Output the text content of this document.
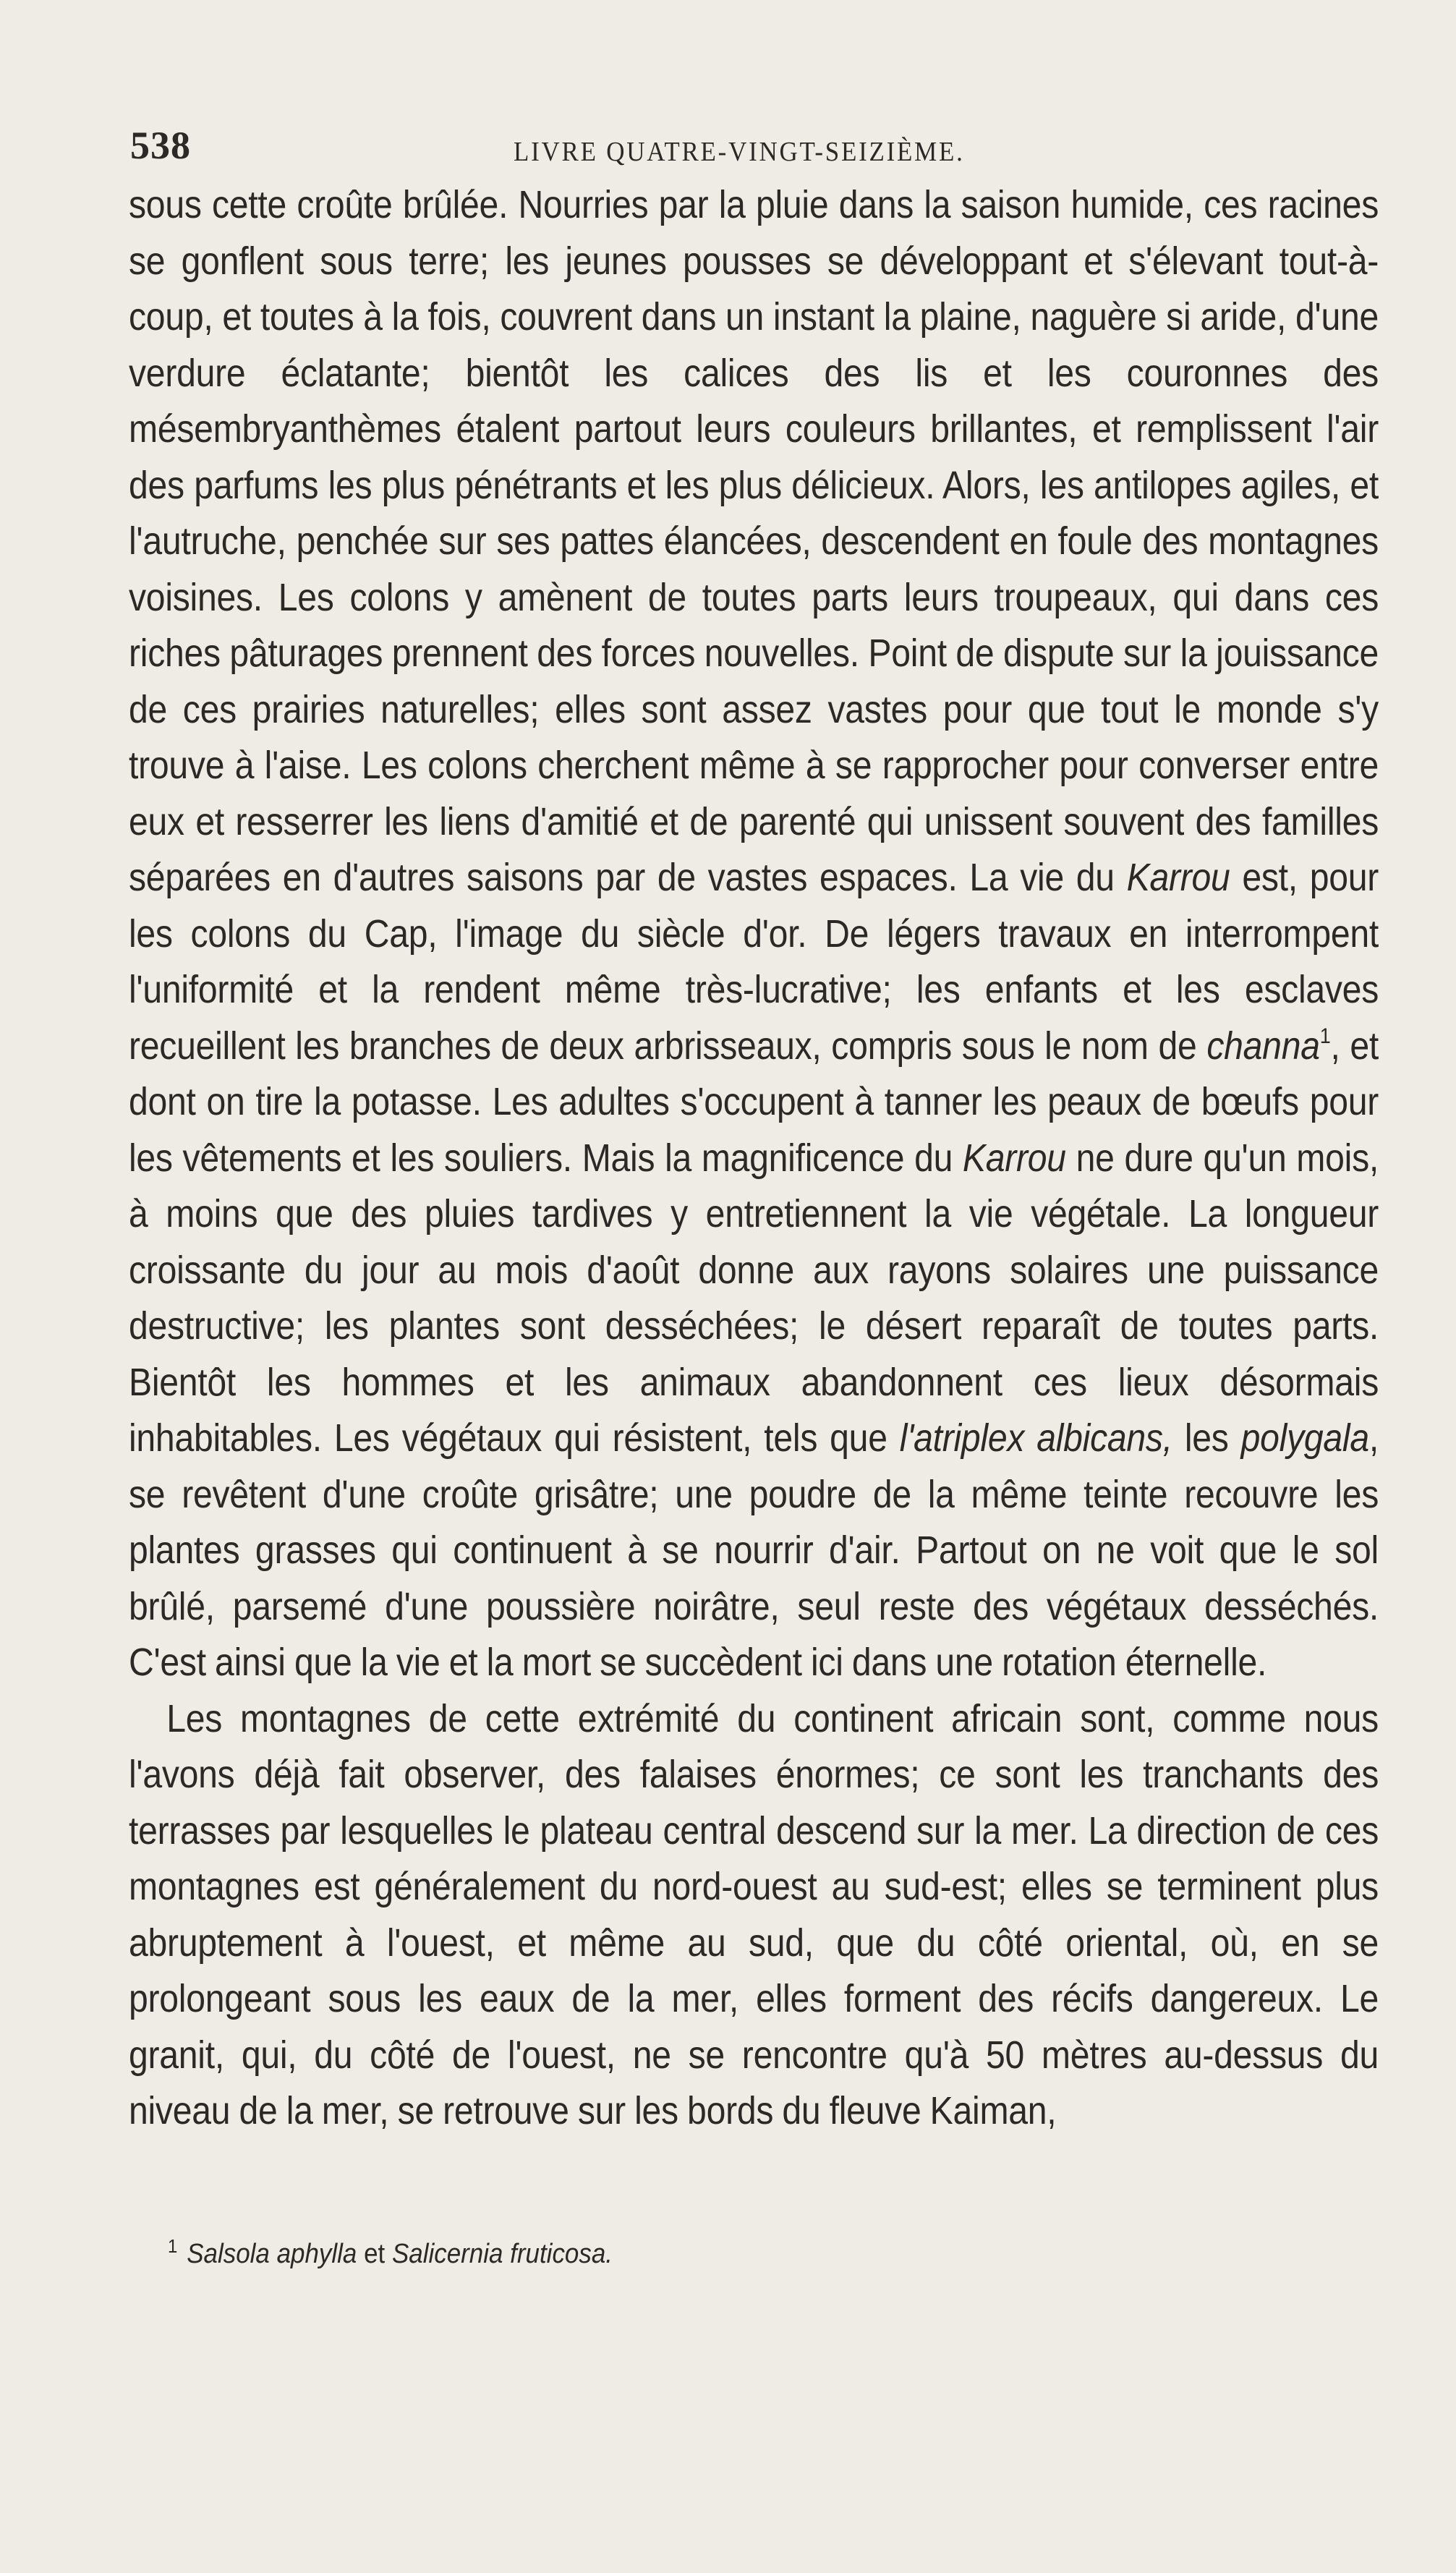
538	LIVRE QUATRE-VINGT-SEIZIÈME.

sous cette croûte brûlée. Nourries par la pluie dans la saison humide, ces racines se gonflent sous terre; les jeunes pousses se développant et s'élevant tout-à-coup, et toutes à la fois, couvrent dans un instant la plaine, naguère si aride, d'une verdure éclatante; bientôt les calices des lis et les couronnes des mésembryanthèmes étalent partout leurs couleurs brillantes, et remplissent l'air des parfums les plus pénétrants et les plus délicieux. Alors, les antilopes agiles, et l'autruche, penchée sur ses pattes élancées, descendent en foule des montagnes voisines. Les colons y amènent de toutes parts leurs troupeaux, qui dans ces riches pâturages prennent des forces nouvelles. Point de dispute sur la jouissance de ces prairies naturelles; elles sont assez vastes pour que tout le monde s'y trouve à l'aise. Les colons cherchent même à se rapprocher pour converser entre eux et resserrer les liens d'amitié et de parenté qui unissent souvent des familles séparées en d'autres saisons par de vastes espaces. La vie du Karrou est, pour les colons du Cap, l'image du siècle d'or. De légers travaux en interrompent l'uniformité et la rendent même très-lucrative; les enfants et les esclaves recueillent les branches de deux arbrisseaux, compris sous le nom de channa$^1$, et dont on tire la potasse. Les adultes s'occupent à tanner les peaux de bœufs pour les vêtements et les souliers. Mais la magnificence du Karrou ne dure qu'un mois, à moins que des pluies tardives y entretiennent la vie végétale. La longueur croissante du jour au mois d'août donne aux rayons solaires une puissance destructive; les plantes sont desséchées; le désert reparaît de toutes parts. Bientôt les hommes et les animaux abandonnent ces lieux désormais inhabitables. Les végétaux qui résistent, tels que l'atriplex albicans, les polygala, se revêtent d'une croûte grisâtre; une poudre de la même teinte recouvre les plantes grasses qui continuent à se nourrir d'air. Partout on ne voit que le sol brûlé, parsemé d'une poussière noirâtre, seul reste des végétaux desséchés. C'est ainsi que la vie et la mort se succèdent ici dans une rotation éternelle.

Les montagnes de cette extrémité du continent africain sont, comme nous l'avons déjà fait observer, des falaises énormes; ce sont les tranchants des terrasses par lesquelles le plateau central descend sur la mer. La direction de ces montagnes est généralement du nord-ouest au sud-est; elles se terminent plus abruptement à l'ouest, et même au sud, que du côté oriental, où, en se prolongeant sous les eaux de la mer, elles forment des récifs dangereux. Le granit, qui, du côté de l'ouest, ne se rencontre qu'à 50 mètres au-dessus du niveau de la mer, se retrouve sur les bords du fleuve Kaiman,

$^1$ Salsola aphylla et Salicernia fruticosa.
